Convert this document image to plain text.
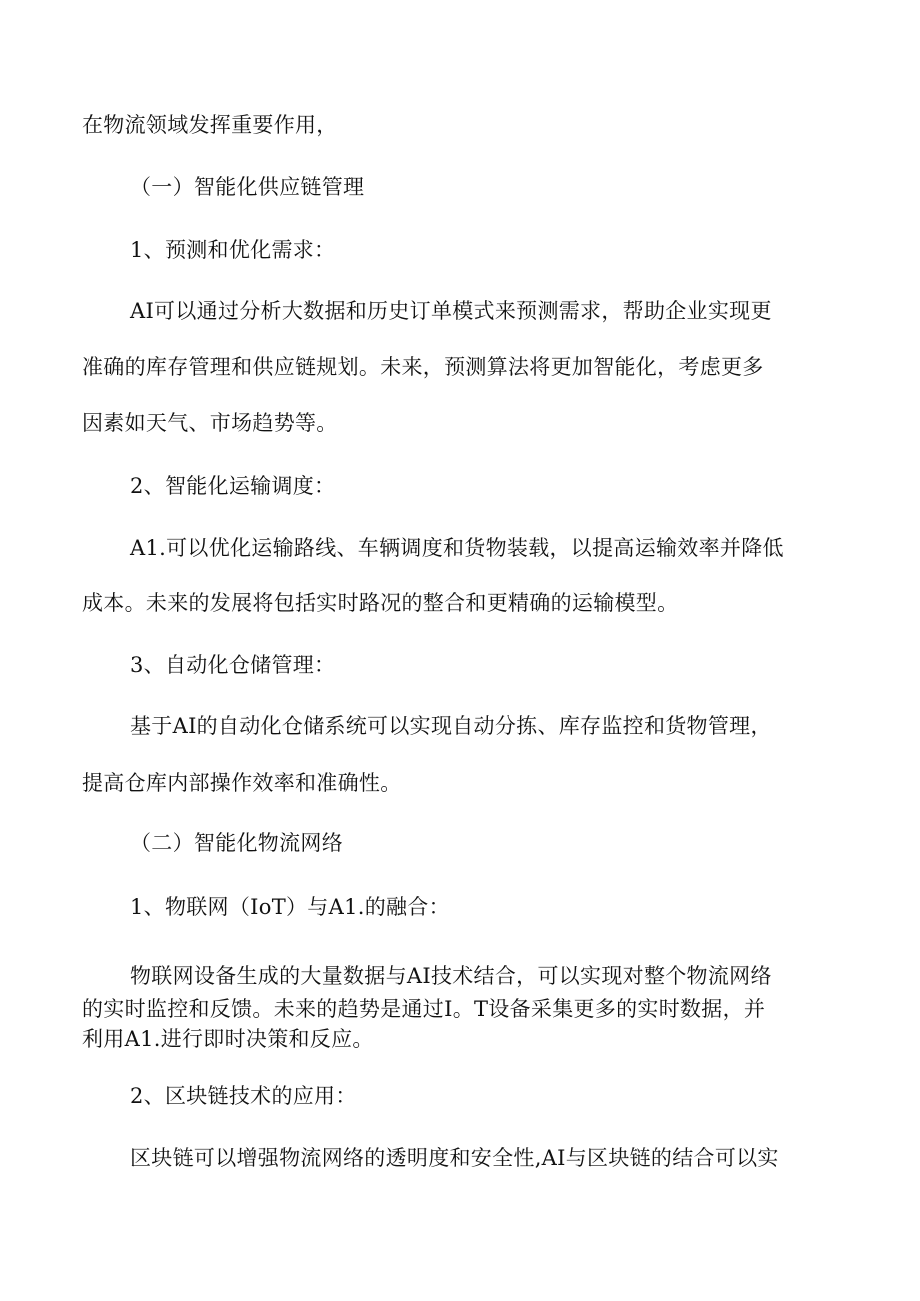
在物流领域发挥重要作用，
（一）智能化供应链管理
1、预测和优化需求：
AI可以通过分析大数据和历史订单模式来预测需求，帮助企业实现更
准确的库存管理和供应链规划。未来，预测算法将更加智能化，考虑更多
因素如天气、市场趋势等。
2、智能化运输调度：
A1.可以优化运输路线、车辆调度和货物装载，以提高运输效率并降低
成本。未来的发展将包括实时路况的整合和更精确的运输模型。
3、自动化仓储管理：
基于AI的自动化仓储系统可以实现自动分拣、库存监控和货物管理，
提高仓库内部操作效率和准确性。
（二）智能化物流网络
1、物联网（IoT）与A1.的融合：
物联网设备生成的大量数据与AI技术结合，可以实现对整个物流网络
的实时监控和反馈。未来的趋势是通过I。T设备采集更多的实时数据，并
利用A1.进行即时决策和反应。
2、区块链技术的应用：
区块链可以增强物流网络的透明度和安全性,AI与区块链的结合可以实
